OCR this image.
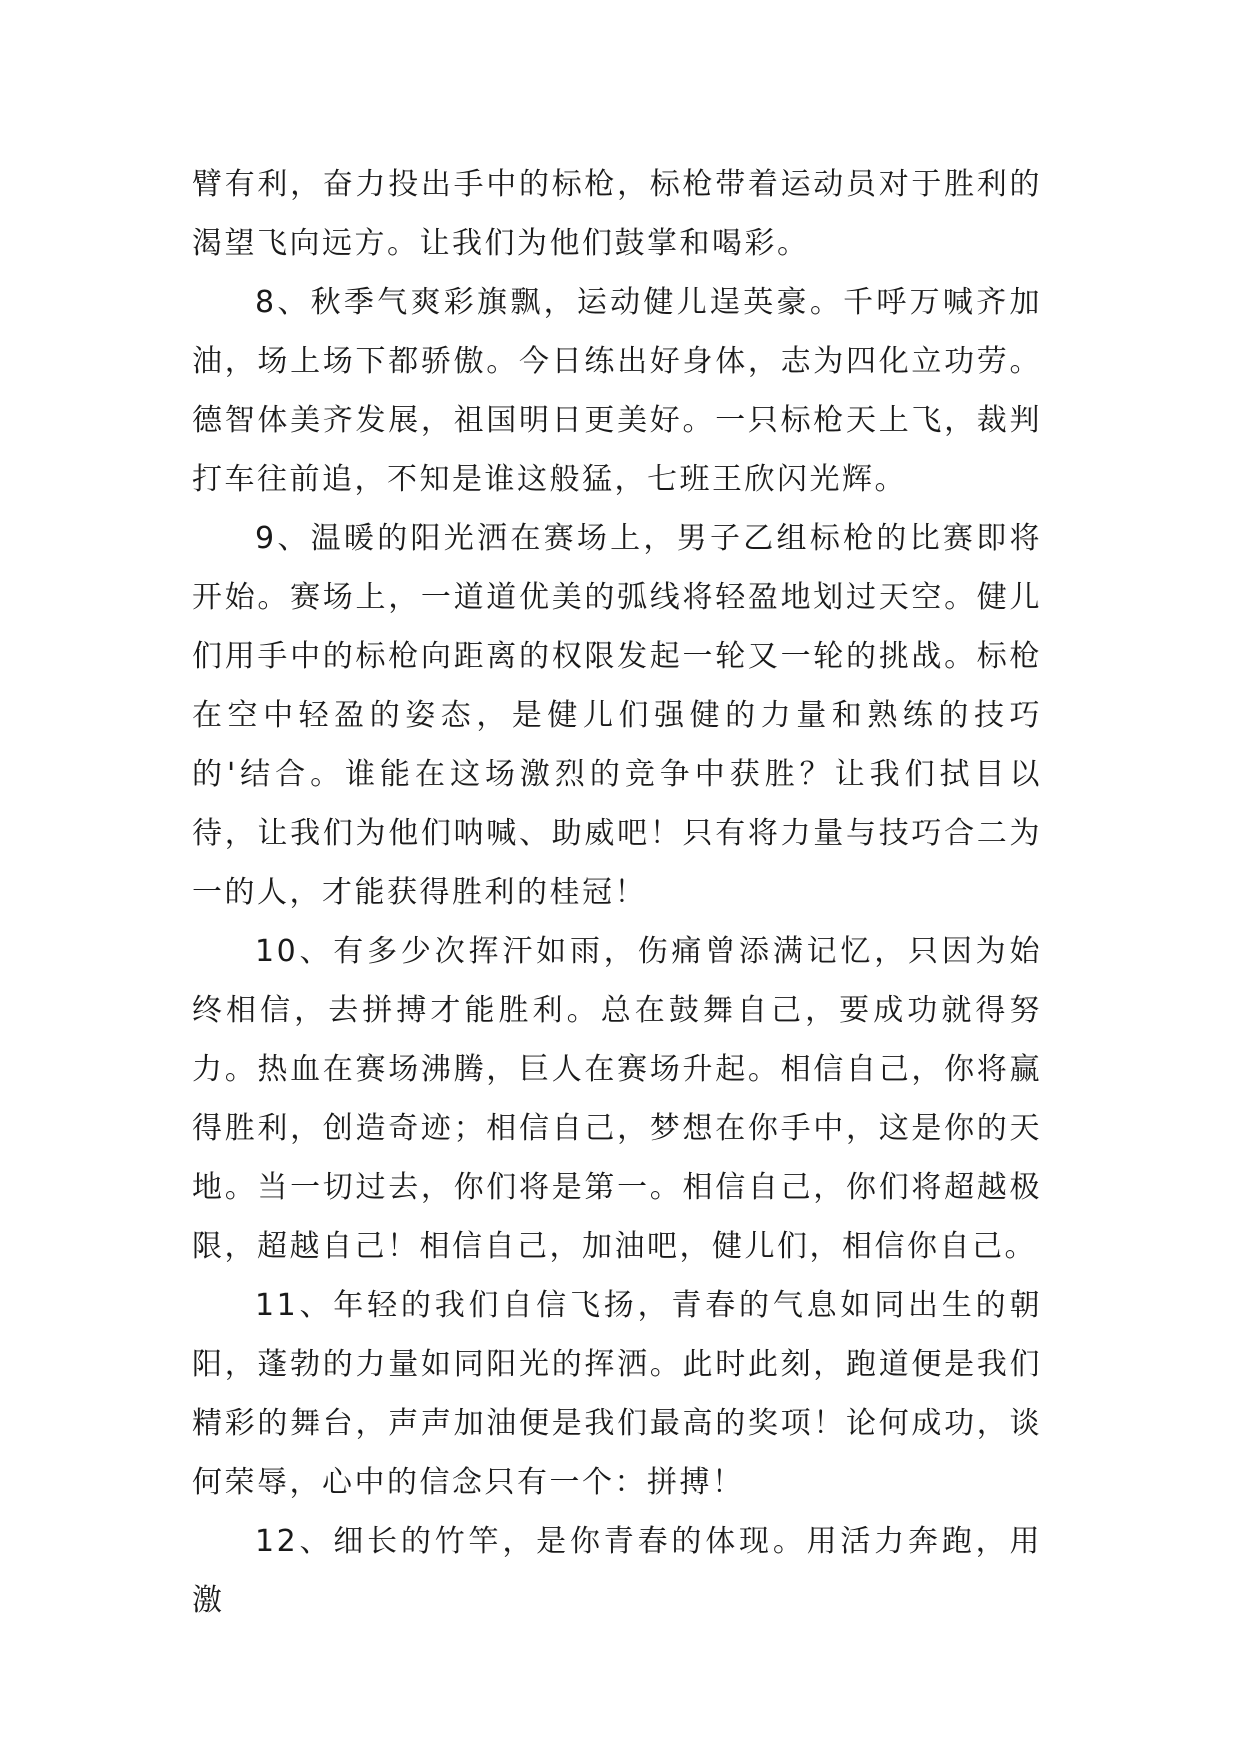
臂有利，奋力投出手中的标枪，标枪带着运动员对于胜利的渴望飞向远方。让我们为他们鼓掌和喝彩。

8、秋季气爽彩旗飘，运动健儿逞英豪。千呼万喊齐加油，场上场下都骄傲。今日练出好身体，志为四化立功劳。德智体美齐发展，祖国明日更美好。一只标枪天上飞，裁判打车往前追，不知是谁这般猛，七班王欣闪光辉。

9、温暖的阳光洒在赛场上，男子乙组标枪的比赛即将开始。赛场上，一道道优美的弧线将轻盈地划过天空。健儿们用手中的标枪向距离的权限发起一轮又一轮的挑战。标枪在空中轻盈的姿态，是健儿们强健的力量和熟练的技巧的'结合。谁能在这场激烈的竞争中获胜？让我们拭目以待，让我们为他们呐喊、助威吧！只有将力量与技巧合二为一的人，才能获得胜利的桂冠！

10、有多少次挥汗如雨，伤痛曾添满记忆，只因为始终相信，去拼搏才能胜利。总在鼓舞自己，要成功就得努力。热血在赛场沸腾，巨人在赛场升起。相信自己，你将赢得胜利，创造奇迹；相信自己，梦想在你手中，这是你的天地。当一切过去，你们将是第一。相信自己，你们将超越极限，超越自己！相信自己，加油吧，健儿们，相信你自己。

11、年轻的我们自信飞扬，青春的气息如同出生的朝阳，蓬勃的力量如同阳光的挥洒。此时此刻，跑道便是我们精彩的舞台，声声加油便是我们最高的奖项！论何成功，谈何荣辱，心中的信念只有一个：拼搏！

12、细长的竹竿，是你青春的体现。用活力奔跑，用激
